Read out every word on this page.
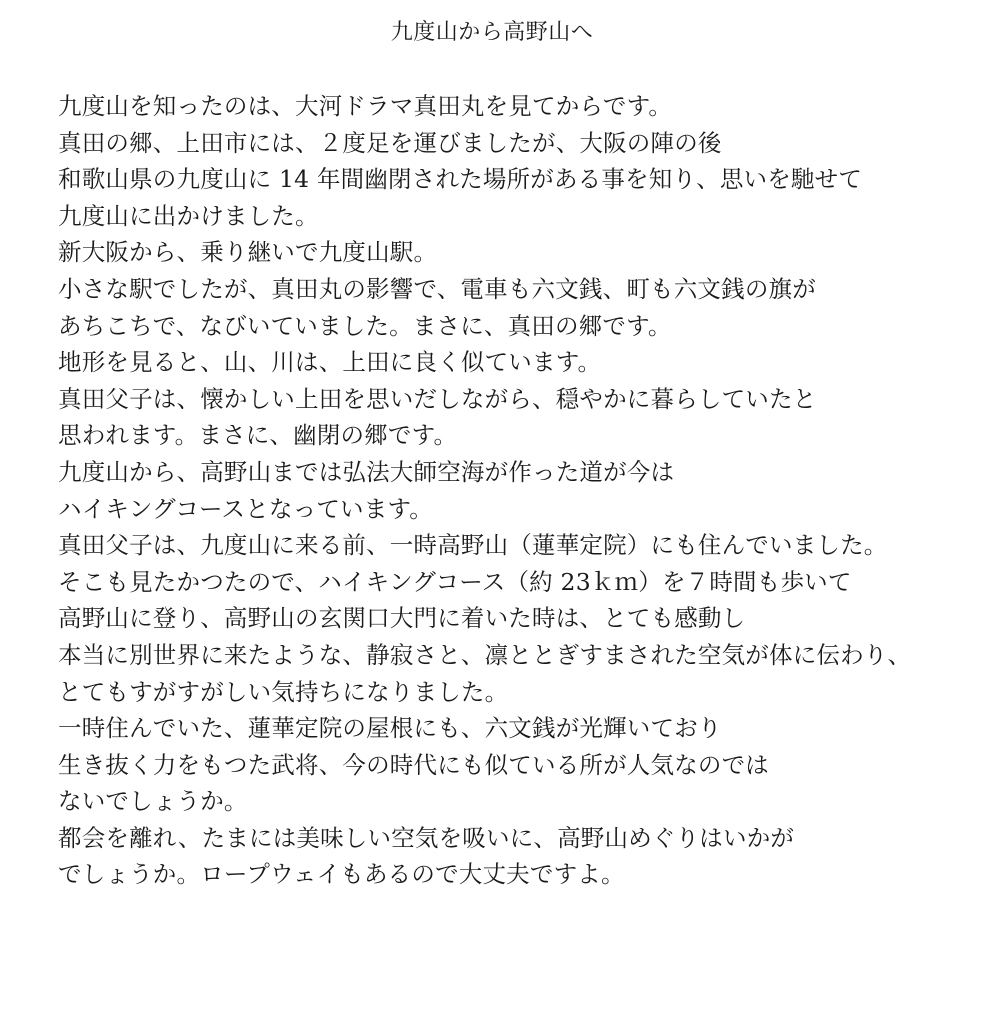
九度山から高野山へ
九度山を知ったのは、大河ドラマ真田丸を見てからです。
真田の郷、上田市には、２度足を運びましたが、大阪の陣の後
和歌山県の九度山に 14 年間幽閉された場所がある事を知り、思いを馳せて
九度山に出かけました。
新大阪から、乗り継いで九度山駅。
小さな駅でしたが、真田丸の影響で、電車も六文銭、町も六文銭の旗が
あちこちで、なびいていました。まさに、真田の郷です。
地形を見ると、山、川は、上田に良く似ています。
真田父子は、懐かしい上田を思いだしながら、穏やかに暮らしていたと
思われます。まさに、幽閉の郷です。
九度山から、高野山までは弘法大師空海が作った道が今は
ハイキングコースとなっています。
真田父子は、九度山に来る前、一時高野山（蓮華定院）にも住んでいました。
そこも見たかつたので、ハイキングコース（約 23ｋｍ）を７時間も歩いて
高野山に登り、高野山の玄関口大門に着いた時は、とても感動し
本当に別世界に来たような、静寂さと、凛ととぎすまされた空気が体に伝わり、
とてもすがすがしい気持ちになりました。
一時住んでいた、蓮華定院の屋根にも、六文銭が光輝いており
生き抜く力をもつた武将、今の時代にも似ている所が人気なのでは
ないでしょうか。
都会を離れ、たまには美味しい空気を吸いに、高野山めぐりはいかが
でしょうか。ロープウェイもあるので大丈夫ですよ。
